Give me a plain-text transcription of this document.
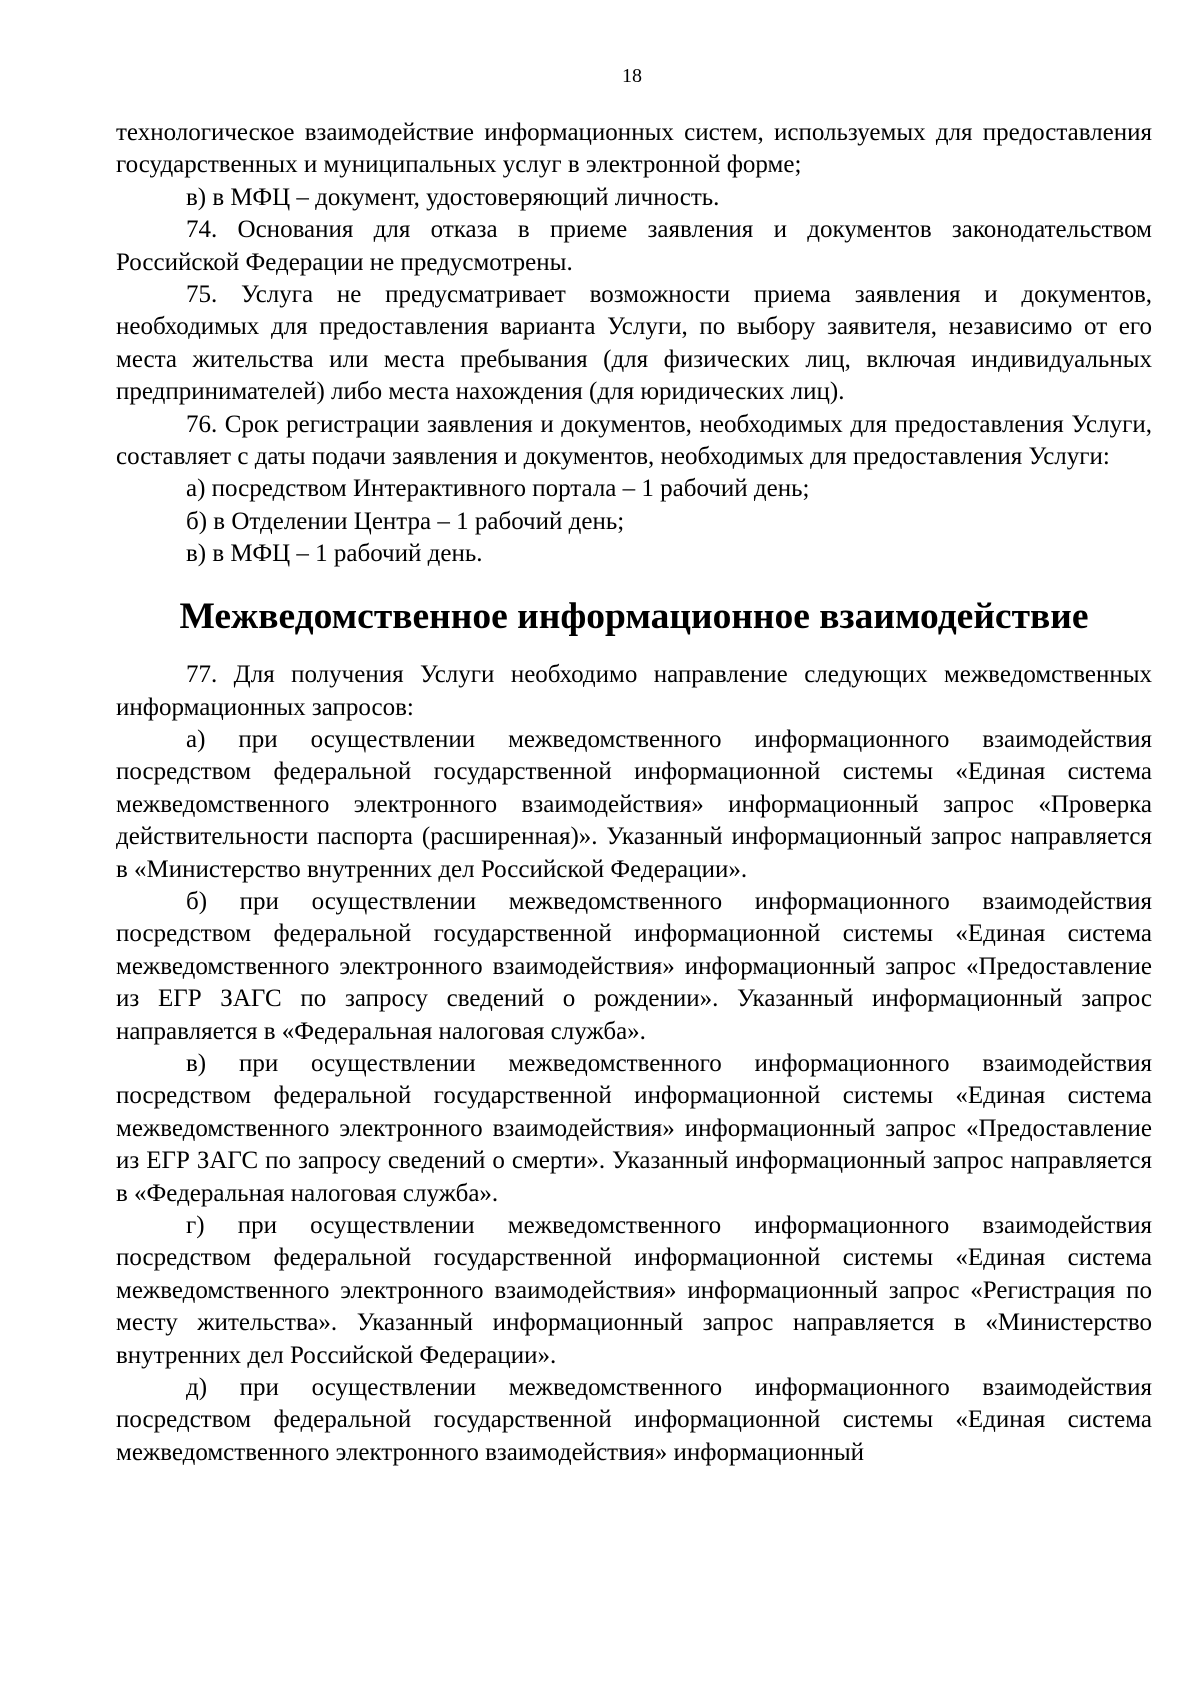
18

технологическое взаимодействие информационных систем, используемых для предоставления государственных и муниципальных услуг в электронной форме;

в) в МФЦ – документ, удостоверяющий личность.

74. Основания для отказа в приеме заявления и документов законодательством Российской Федерации не предусмотрены.

75. Услуга не предусматривает возможности приема заявления и документов, необходимых для предоставления варианта Услуги, по выбору заявителя, независимо от его места жительства или места пребывания (для физических лиц, включая индивидуальных предпринимателей) либо места нахождения (для юридических лиц).

76. Срок регистрации заявления и документов, необходимых для предоставления Услуги, составляет с даты подачи заявления и документов, необходимых для предоставления Услуги:

а) посредством Интерактивного портала – 1 рабочий день;

б) в Отделении Центра – 1 рабочий день;

в) в МФЦ – 1 рабочий день.

Межведомственное информационное взаимодействие

77. Для получения Услуги необходимо направление следующих межведомственных информационных запросов:

а) при осуществлении межведомственного информационного взаимодействия посредством федеральной государственной информационной системы «Единая система межведомственного электронного взаимодействия» информационный запрос «Проверка действительности паспорта (расширенная)». Указанный информационный запрос направляется в «Министерство внутренних дел Российской Федерации».

б) при осуществлении межведомственного информационного взаимодействия посредством федеральной государственной информационной системы «Единая система межведомственного электронного взаимодействия» информационный запрос «Предоставление из ЕГР ЗАГС по запросу сведений о рождении». Указанный информационный запрос направляется в «Федеральная налоговая служба».

в) при осуществлении межведомственного информационного взаимодействия посредством федеральной государственной информационной системы «Единая система межведомственного электронного взаимодействия» информационный запрос «Предоставление из ЕГР ЗАГС по запросу сведений о смерти». Указанный информационный запрос направляется в «Федеральная налоговая служба».

г) при осуществлении межведомственного информационного взаимодействия посредством федеральной государственной информационной системы «Единая система межведомственного электронного взаимодействия» информационный запрос «Регистрация по месту жительства». Указанный информационный запрос направляется в «Министерство внутренних дел Российской Федерации».

д) при осуществлении межведомственного информационного взаимодействия посредством федеральной государственной информационной системы «Единая система межведомственного электронного взаимодействия» информационный
